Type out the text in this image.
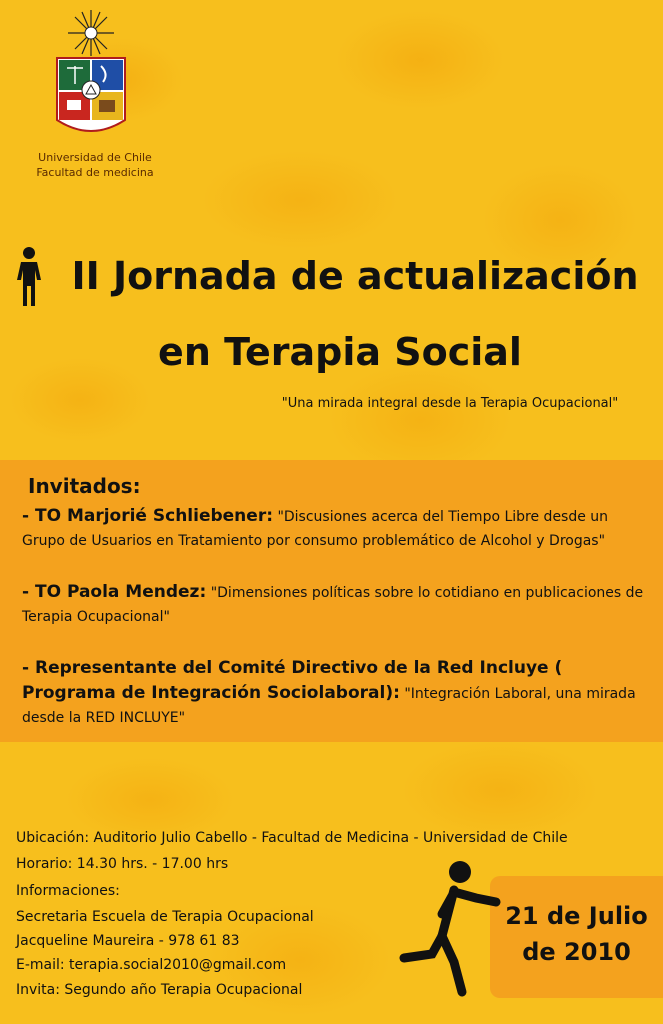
Universidad de Chile
Facultad de medicina
II Jornada de actualización
en Terapia Social
"Una mirada integral desde la Terapia Ocupacional"
Invitados:
- TO Marjorié Schliebener: "Discusiones acerca del Tiempo Libre desde un Grupo de Usuarios en Tratamiento por consumo problemático de Alcohol y Drogas"
- TO Paola Mendez: "Dimensiones políticas sobre lo cotidiano en publicaciones de Terapia Ocupacional"
- Representante del Comité Directivo de la Red Incluye ( Programa de Integración Sociolaboral): "Integración Laboral, una mirada desde la RED INCLUYE"
Ubicación: Auditorio Julio Cabello - Facultad de Medicina - Universidad de Chile
Horario: 14.30 hrs. - 17.00 hrs
Informaciones:
Secretaria Escuela de Terapia Ocupacional
Jacqueline Maureira - 978 61 83
E-mail: terapia.social2010@gmail.com
Invita: Segundo año Terapia Ocupacional
21 de Julio
de 2010
